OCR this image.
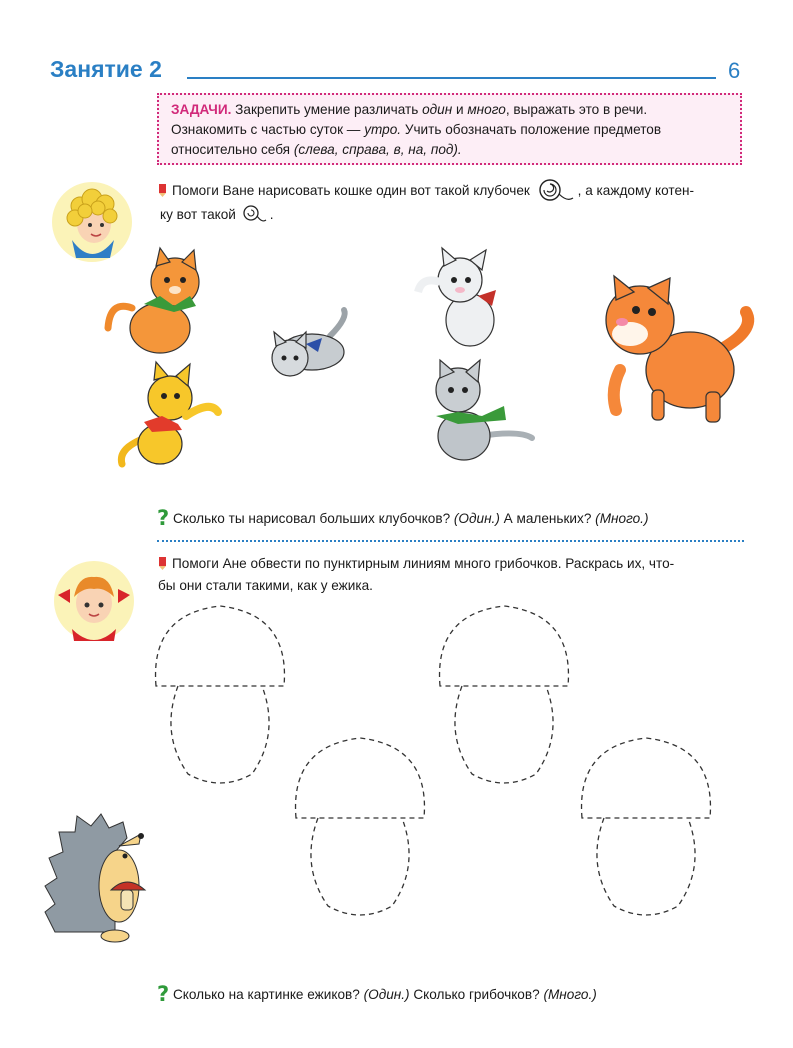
Занятие 2	6
ЗАДАЧИ. Закрепить умение различать один и много, выражать это в речи.
Ознакомить с частью суток — утро. Учить обозначать положение предметов
относительно себя (слева, справа, в, на, под).
Помоги Ване нарисовать кошке один вот такой клубочек	, а каждому котен-
ку вот такой .
? Сколько ты нарисовал больших клубочков? (Один.) А маленьких? (Много.)
Помоги Ане обвести по пунктирным линиям много грибочков. Раскрась их, что-
бы они стали такими, как у ежика.
? Сколько на картинке ежиков? (Один.) Сколько грибочков? (Много.)
